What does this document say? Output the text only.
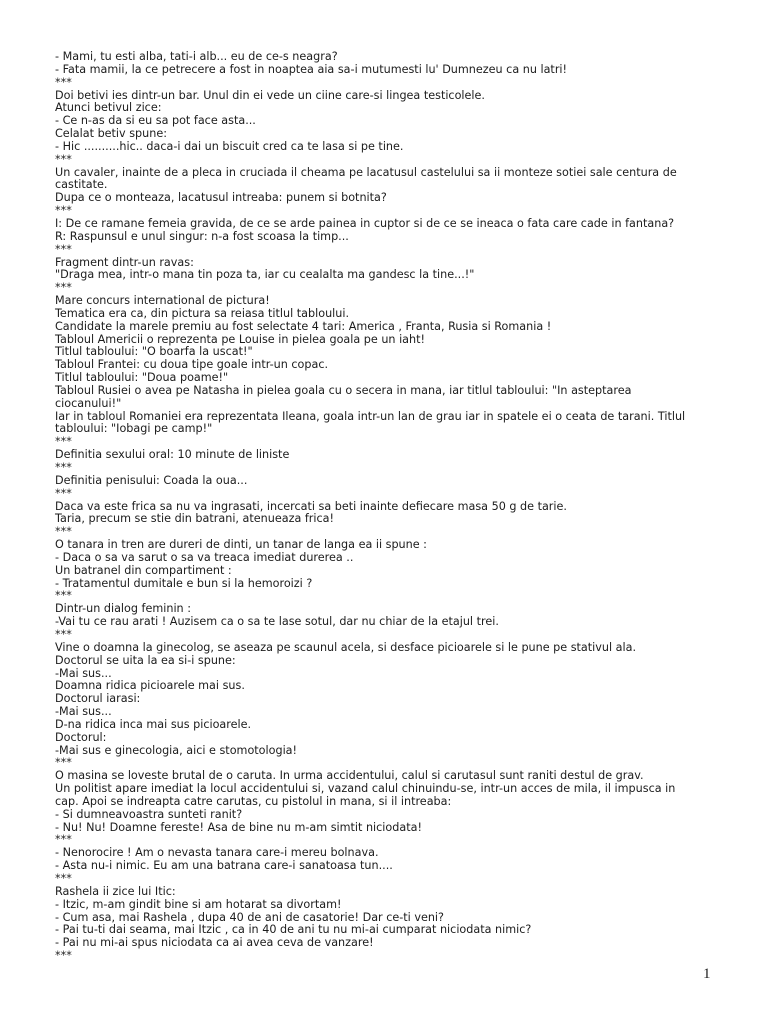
- Mami, tu esti alba, tati-i alb... eu de ce-s neagra?
- Fata mamii, la ce petrecere a fost in noaptea aia sa-i mutumesti lu' Dumnezeu ca nu latri!
***
Doi betivi ies dintr-un bar. Unul din ei vede un ciine care-si lingea testicolele.
Atunci betivul zice:
- Ce n-as da si eu sa pot face asta...
Celalat betiv spune:
- Hic ..........hic.. daca-i dai un biscuit cred ca te lasa si pe tine.
***
Un cavaler, inainte de a pleca in cruciada il cheama pe lacatusul castelului sa ii monteze sotiei sale centura de
castitate.
Dupa ce o monteaza, lacatusul intreaba: punem si botnita?
***
I: De ce ramane femeia gravida, de ce se arde painea in cuptor si de ce se ineaca o fata care cade in fantana?
R: Raspunsul e unul singur: n-a fost scoasa la timp...
***
Fragment dintr-un ravas:
"Draga mea, intr-o mana tin poza ta, iar cu cealalta ma gandesc la tine...!"
***
Mare concurs international de pictura!
Tematica era ca, din pictura sa reiasa titlul tabloului.
Candidate la marele premiu au fost selectate 4 tari: America , Franta, Rusia si Romania !
Tabloul Americii o reprezenta pe Louise in pielea goala pe un iaht!
Titlul tabloului: "O boarfa la uscat!"
Tabloul Frantei: cu doua tipe goale intr-un copac.
Titlul tabloului: "Doua poame!"
Tabloul Rusiei o avea pe Natasha in pielea goala cu o secera in mana, iar titlul tabloului: "In asteptarea
ciocanului!"
Iar in tabloul Romaniei era reprezentata Ileana, goala intr-un lan de grau iar in spatele ei o ceata de tarani. Titlul
tabloului: "Iobagi pe camp!"
***
Definitia sexului oral: 10 minute de liniste
***
Definitia penisului: Coada la oua...
***
Daca va este frica sa nu va ingrasati, incercati sa beti inainte defiecare masa 50 g de tarie.
Taria, precum se stie din batrani, atenueaza frica!
***
O tanara in tren are dureri de dinti, un tanar de langa ea ii spune :
- Daca o sa va sarut o sa va treaca imediat durerea ..
Un batranel din compartiment :
- Tratamentul dumitale e bun si la hemoroizi ?
***
Dintr-un dialog feminin :
-Vai tu ce rau arati ! Auzisem ca o sa te lase sotul, dar nu chiar de la etajul trei.
***
Vine o doamna la ginecolog, se aseaza pe scaunul acela, si desface picioarele si le pune pe stativul ala.
Doctorul se uita la ea si-i spune:
-Mai sus...
Doamna ridica picioarele mai sus.
Doctorul iarasi:
-Mai sus...
D-na ridica inca mai sus picioarele.
Doctorul:
-Mai sus e ginecologia, aici e stomotologia!
***
O masina se loveste brutal de o caruta. In urma accidentului, calul si carutasul sunt raniti destul de grav.
Un politist apare imediat la locul accidentului si, vazand calul chinuindu-se, intr-un acces de mila, il impusca in
cap. Apoi se indreapta catre carutas, cu pistolul in mana, si il intreaba:
- Si dumneavoastra sunteti ranit?
- Nu! Nu! Doamne fereste! Asa de bine nu m-am simtit niciodata!
***
- Nenorocire ! Am o nevasta tanara care-i mereu bolnava.
- Asta nu-i nimic. Eu am una batrana care-i sanatoasa tun....
***
Rashela ii zice lui Itic:
- Itzic, m-am gindit bine si am hotarat sa divortam!
- Cum asa, mai Rashela , dupa 40 de ani de casatorie! Dar ce-ti veni?
- Pai tu-ti dai seama, mai Itzic , ca in 40 de ani tu nu mi-ai cumparat niciodata nimic?
- Pai nu mi-ai spus niciodata ca ai avea ceva de vanzare!
***
1
